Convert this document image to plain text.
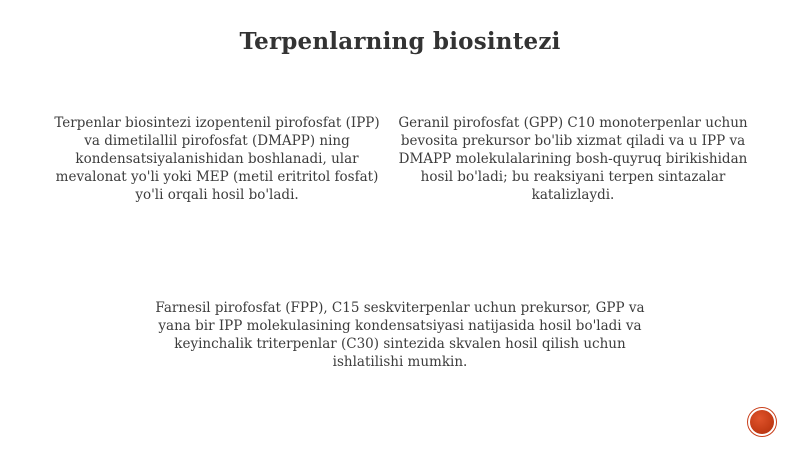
Terpenlarning biosintezi
Terpenlar biosintezi izopentenil pirofosfat (IPP) va dimetilallil pirofosfat (DMAPP) ning kondensatsiyalanishidan boshlanadi, ular mevalonat yo'li yoki MEP (metil eritritol fosfat) yo'li orqali hosil bo'ladi.
Geranil pirofosfat (GPP) C10 monoterpenlar uchun bevosita prekursor bo'lib xizmat qiladi va u IPP va DMAPP molekulalarining bosh-quyruq birikishidan hosil bo'ladi; bu reaksiyani terpen sintazalar katalizlaydi.
Farnesil pirofosfat (FPP), C15 seskviterpenlar uchun prekursor, GPP va yana bir IPP molekulasining kondensatsiyasi natijasida hosil bo'ladi va keyinchalik triterpenlar (C30) sintezida skvalen hosil qilish uchun ishlatilishi mumkin.
